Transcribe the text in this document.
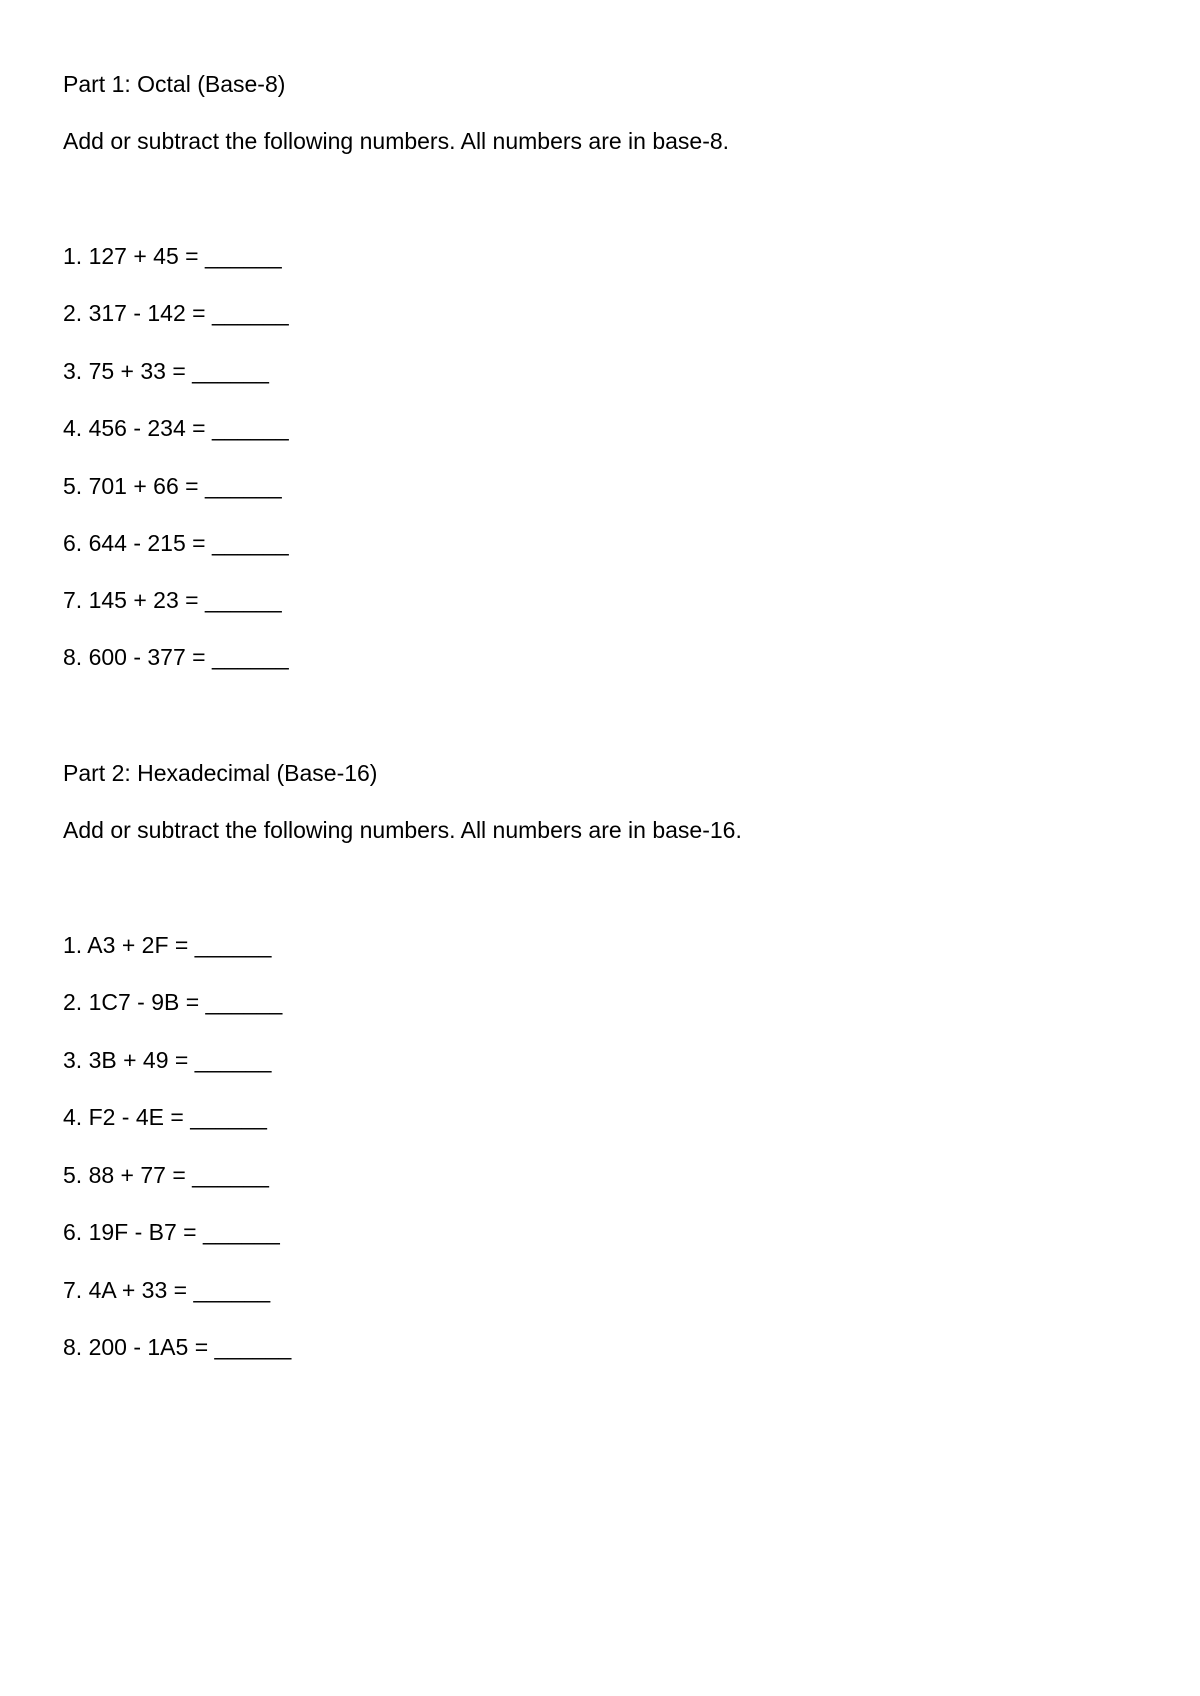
Part 1: Octal (Base-8)
Add or subtract the following numbers. All numbers are in base-8.
1. 127 + 45 = ______
2. 317 - 142 = ______
3. 75 + 33 = ______
4. 456 - 234 = ______
5. 701 + 66 = ______
6. 644 - 215 = ______
7. 145 + 23 = ______
8. 600 - 377 = ______
Part 2: Hexadecimal (Base-16)
Add or subtract the following numbers. All numbers are in base-16.
1. A3 + 2F = ______
2. 1C7 - 9B = ______
3. 3B + 49 = ______
4. F2 - 4E = ______
5. 88 + 77 = ______
6. 19F - B7 = ______
7. 4A + 33 = ______
8. 200 - 1A5 = ______
